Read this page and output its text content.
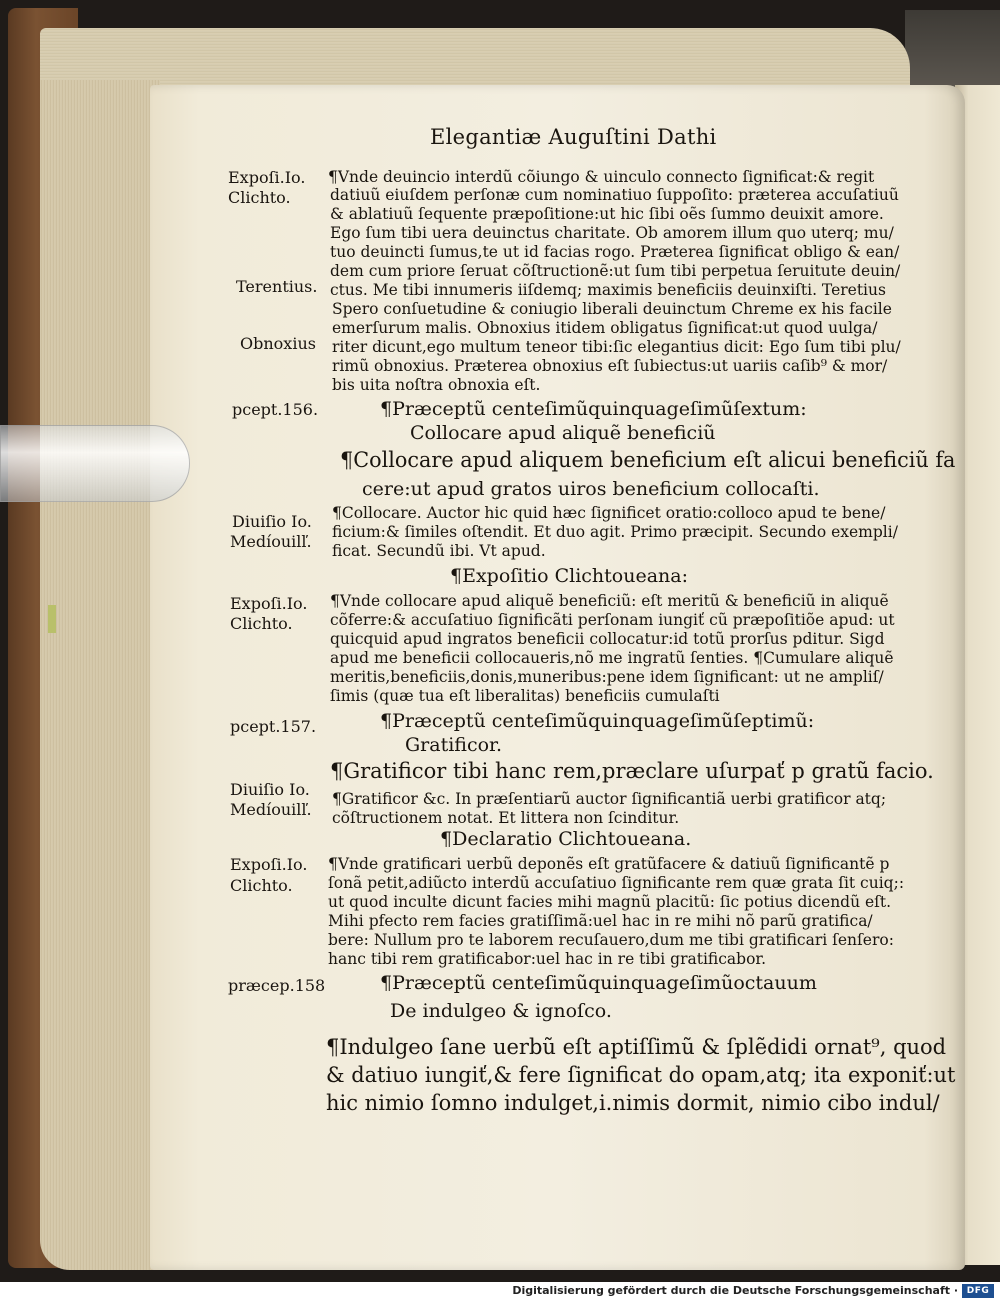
Elegantiæ Auguſtini Dathi
Expoſi.Io.
Clichto.
Terentius.
Obnoxius
pcept.156.
Diuiſio Io.
Medíouilľ.
Expoſi.Io.
Clichto.
pcept.157.
Diuiſio Io.
Medíouilľ.
Expoſi.Io.
Clichto.
præcep.158
¶Vnde deuincio interdũ cõiungo & uinculo connecto ſignificat:& regit
datiuũ eiuſdem perſonæ cum nominatiuo ſuppoſito: præterea accuſatiuũ
& ablatiuũ ſequente præpoſitione:ut hic ſibi oẽs ſummo deuixit amore.
Ego ſum tibi uera deuinctus charitate. Ob amorem illum quo uterq; mu/
tuo deuincti ſumus,te ut id facias rogo. Præterea ſignificat obligo & ean/
dem cum priore ſeruat cõſtructionẽ:ut ſum tibi perpetua ſeruitute deuin/
ctus. Me tibi innumeris iiſdemq; maximis beneficiis deuinxiſti. Teretius
Spero conſuetudine & coniugio liberali deuinctum Chreme ex his facile
emerſurum malis. Obnoxius itidem obligatus ſignificat:ut quod uulga/
riter dicunt,ego multum teneor tibi:ſic elegantius dicit: Ego ſum tibi plu/
rimũ obnoxius. Præterea obnoxius eſt ſubiectus:ut uariis caſib⁹ & mor/
bis uita noſtra obnoxia eſt.
¶Præceptũ centeſimũquinquageſimũſextum:
Collocare apud aliquẽ beneficiũ
¶Collocare apud aliquem beneficium eſt alicui beneficiũ fa
cere:ut apud gratos uiros beneficium collocaſti.
¶Collocare. Auctor hic quid hæc ſignificet oratio:colloco apud te bene/
ficium:& ſimiles oſtendit. Et duo agit. Primo præcipit. Secundo exempli/
ficat. Secundũ ibi. Vt apud.
¶Expoſitio Clichtoueana:
¶Vnde collocare apud aliquẽ beneficiũ: eſt meritũ & beneficiũ in aliquẽ
cõferre:& accuſatiuo ſignificãti perſonam iungiť cũ præpoſitiõe apud: ut
quicquid apud ingratos beneficii collocatur:id totũ prorſus pditur. Sigd
apud me beneficii collocaueris,nõ me ingratũ ſenties. ¶Cumulare aliquẽ
meritis,beneficiis,donis,muneribus:pene idem ſignificant: ut ne ampliſ/
ſimis (quæ tua eſt liberalitas) beneficiis cumulaſti
¶Præceptũ centeſimũquinquageſimũſeptimũ:
Gratificor.
¶Gratificor tibi hanc rem,præclare uſurpať p gratũ facio.
¶Gratificor &c. In præſentiarũ auctor ſignificantiã uerbi gratificor atq;
cõſtructionem notat. Et littera non ſcinditur.
¶Declaratio Clichtoueana.
¶Vnde gratificari uerbũ deponẽs eſt gratũfacere & datiuũ ſignificantẽ p
ſonã petit,adiũcto interdũ accuſatiuo ſignificante rem quæ grata ſit cuiq;:
ut quod inculte dicunt facies mihi magnũ placitũ: ſic potius dicendũ eſt.
Mihi pfecto rem facies gratiſſimã:uel hac in re mihi nõ parũ gratifica/
bere: Nullum pro te laborem recuſauero,dum me tibi gratificari ſenſero:
hanc tibi rem gratificabor:uel hac in re tibi gratificabor.
¶Præceptũ centeſimũquinquageſimũoctauum
De indulgeo & ignoſco.
¶Indulgeo ſane uerbũ eſt aptiſſimũ & ſplẽdidi ornat⁹, quod
& datiuo iungiť,& fere ſignificat do opam,atq; ita exponiť:ut
hic nimio ſomno indulget,i.nimis dormit, nimio cibo indul/
Digitalisierung gefördert durch die Deutsche Forschungsgemeinschaft · DFG
